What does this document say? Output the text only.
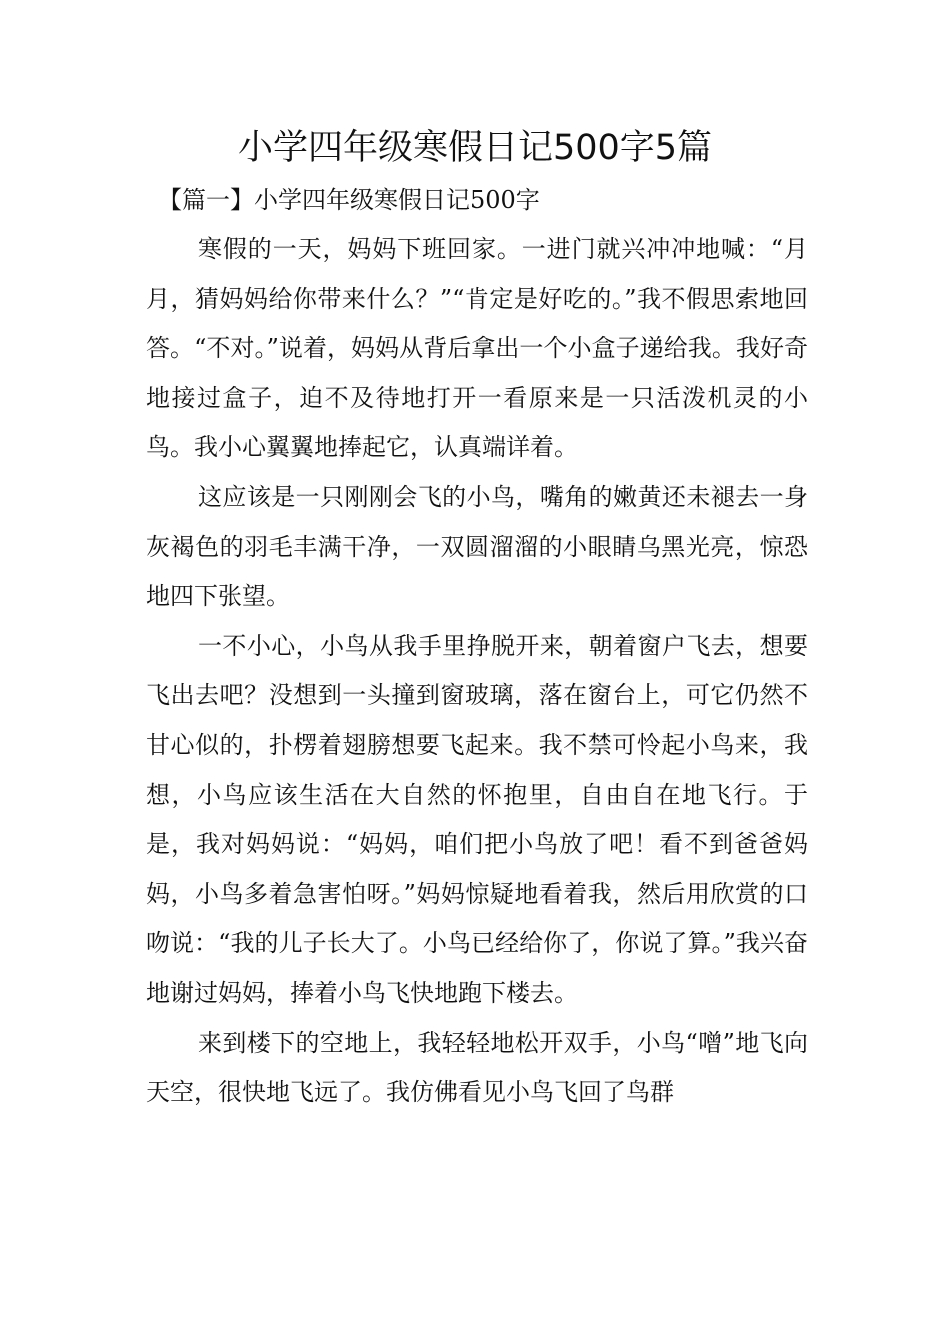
小学四年级寒假日记500字5篇

【篇一】小学四年级寒假日记500字

寒假的一天，妈妈下班回家。一进门就兴冲冲地喊：“月月，猜妈妈给你带来什么？”“肯定是好吃的。”我不假思索地回答。“不对。”说着，妈妈从背后拿出一个小盒子递给我。我好奇地接过盒子，迫不及待地打开一看原来是一只活泼机灵的小鸟。我小心翼翼地捧起它，认真端详着。

这应该是一只刚刚会飞的小鸟，嘴角的嫩黄还未褪去一身灰褐色的羽毛丰满干净，一双圆溜溜的小眼睛乌黑光亮，惊恐地四下张望。

一不小心，小鸟从我手里挣脱开来，朝着窗户飞去，想要飞出去吧？没想到一头撞到窗玻璃，落在窗台上，可它仍然不甘心似的，扑楞着翅膀想要飞起来。我不禁可怜起小鸟来，我想，小鸟应该生活在大自然的怀抱里，自由自在地飞行。于是，我对妈妈说：“妈妈，咱们把小鸟放了吧！看不到爸爸妈妈，小鸟多着急害怕呀。”妈妈惊疑地看着我，然后用欣赏的口吻说：“我的儿子长大了。小鸟已经给你了，你说了算。”我兴奋地谢过妈妈，捧着小鸟飞快地跑下楼去。

来到楼下的空地上，我轻轻地松开双手，小鸟“噌”地飞向天空，很快地飞远了。我仿佛看见小鸟飞回了鸟群
